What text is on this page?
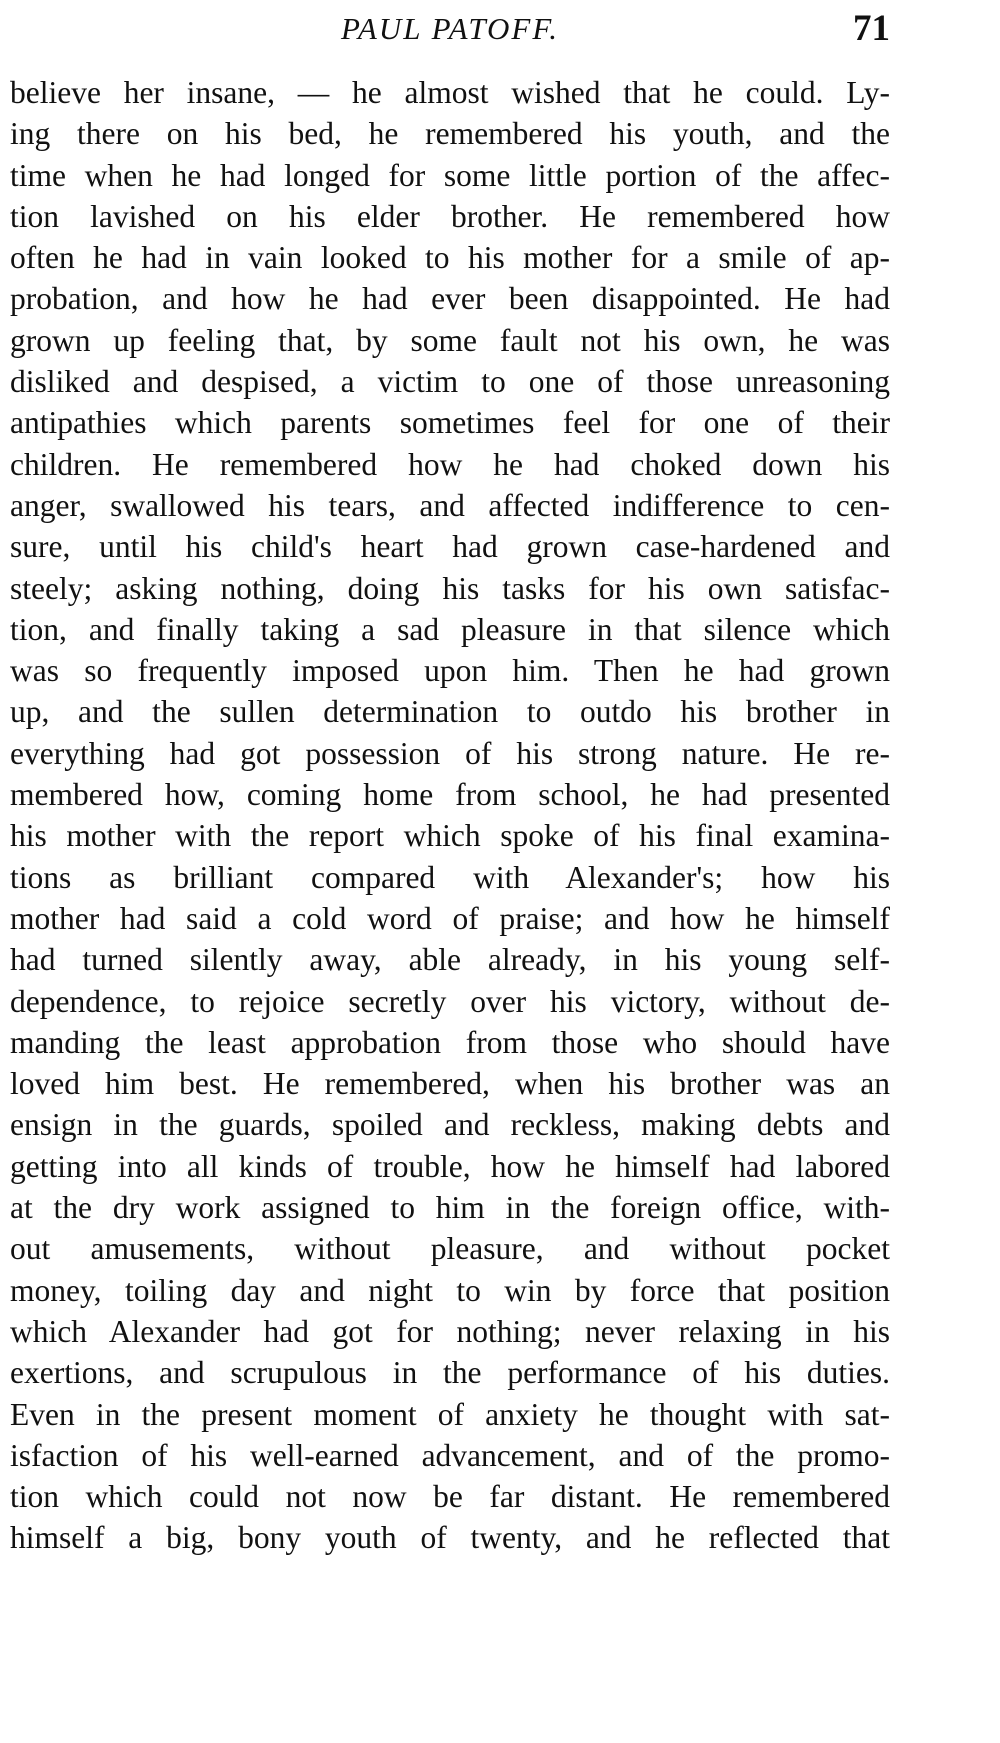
PAUL PATOFF.	71
believe her insane, — he almost wished that he could. Ly-
ing there on his bed, he remembered his youth, and the
time when he had longed for some little portion of the affec-
tion lavished on his elder brother. He remembered how
often he had in vain looked to his mother for a smile of ap-
probation, and how he had ever been disappointed. He had
grown up feeling that, by some fault not his own, he was
disliked and despised, a victim to one of those unreasoning
antipathies which parents sometimes feel for one of their
children. He remembered how he had choked down his
anger, swallowed his tears, and affected indifference to cen-
sure, until his child's heart had grown case-hardened and
steely; asking nothing, doing his tasks for his own satisfac-
tion, and finally taking a sad pleasure in that silence which
was so frequently imposed upon him. Then he had grown
up, and the sullen determination to outdo his brother in
everything had got possession of his strong nature. He re-
membered how, coming home from school, he had presented
his mother with the report which spoke of his final examina-
tions as brilliant compared with Alexander's; how his
mother had said a cold word of praise; and how he himself
had turned silently away, able already, in his young self-
dependence, to rejoice secretly over his victory, without de-
manding the least approbation from those who should have
loved him best. He remembered, when his brother was an
ensign in the guards, spoiled and reckless, making debts and
getting into all kinds of trouble, how he himself had labored
at the dry work assigned to him in the foreign office, with-
out amusements, without pleasure, and without pocket
money, toiling day and night to win by force that position
which Alexander had got for nothing; never relaxing in his
exertions, and scrupulous in the performance of his duties.
Even in the present moment of anxiety he thought with sat-
isfaction of his well-earned advancement, and of the promo-
tion which could not now be far distant. He remembered
himself a big, bony youth of twenty, and he reflected that
